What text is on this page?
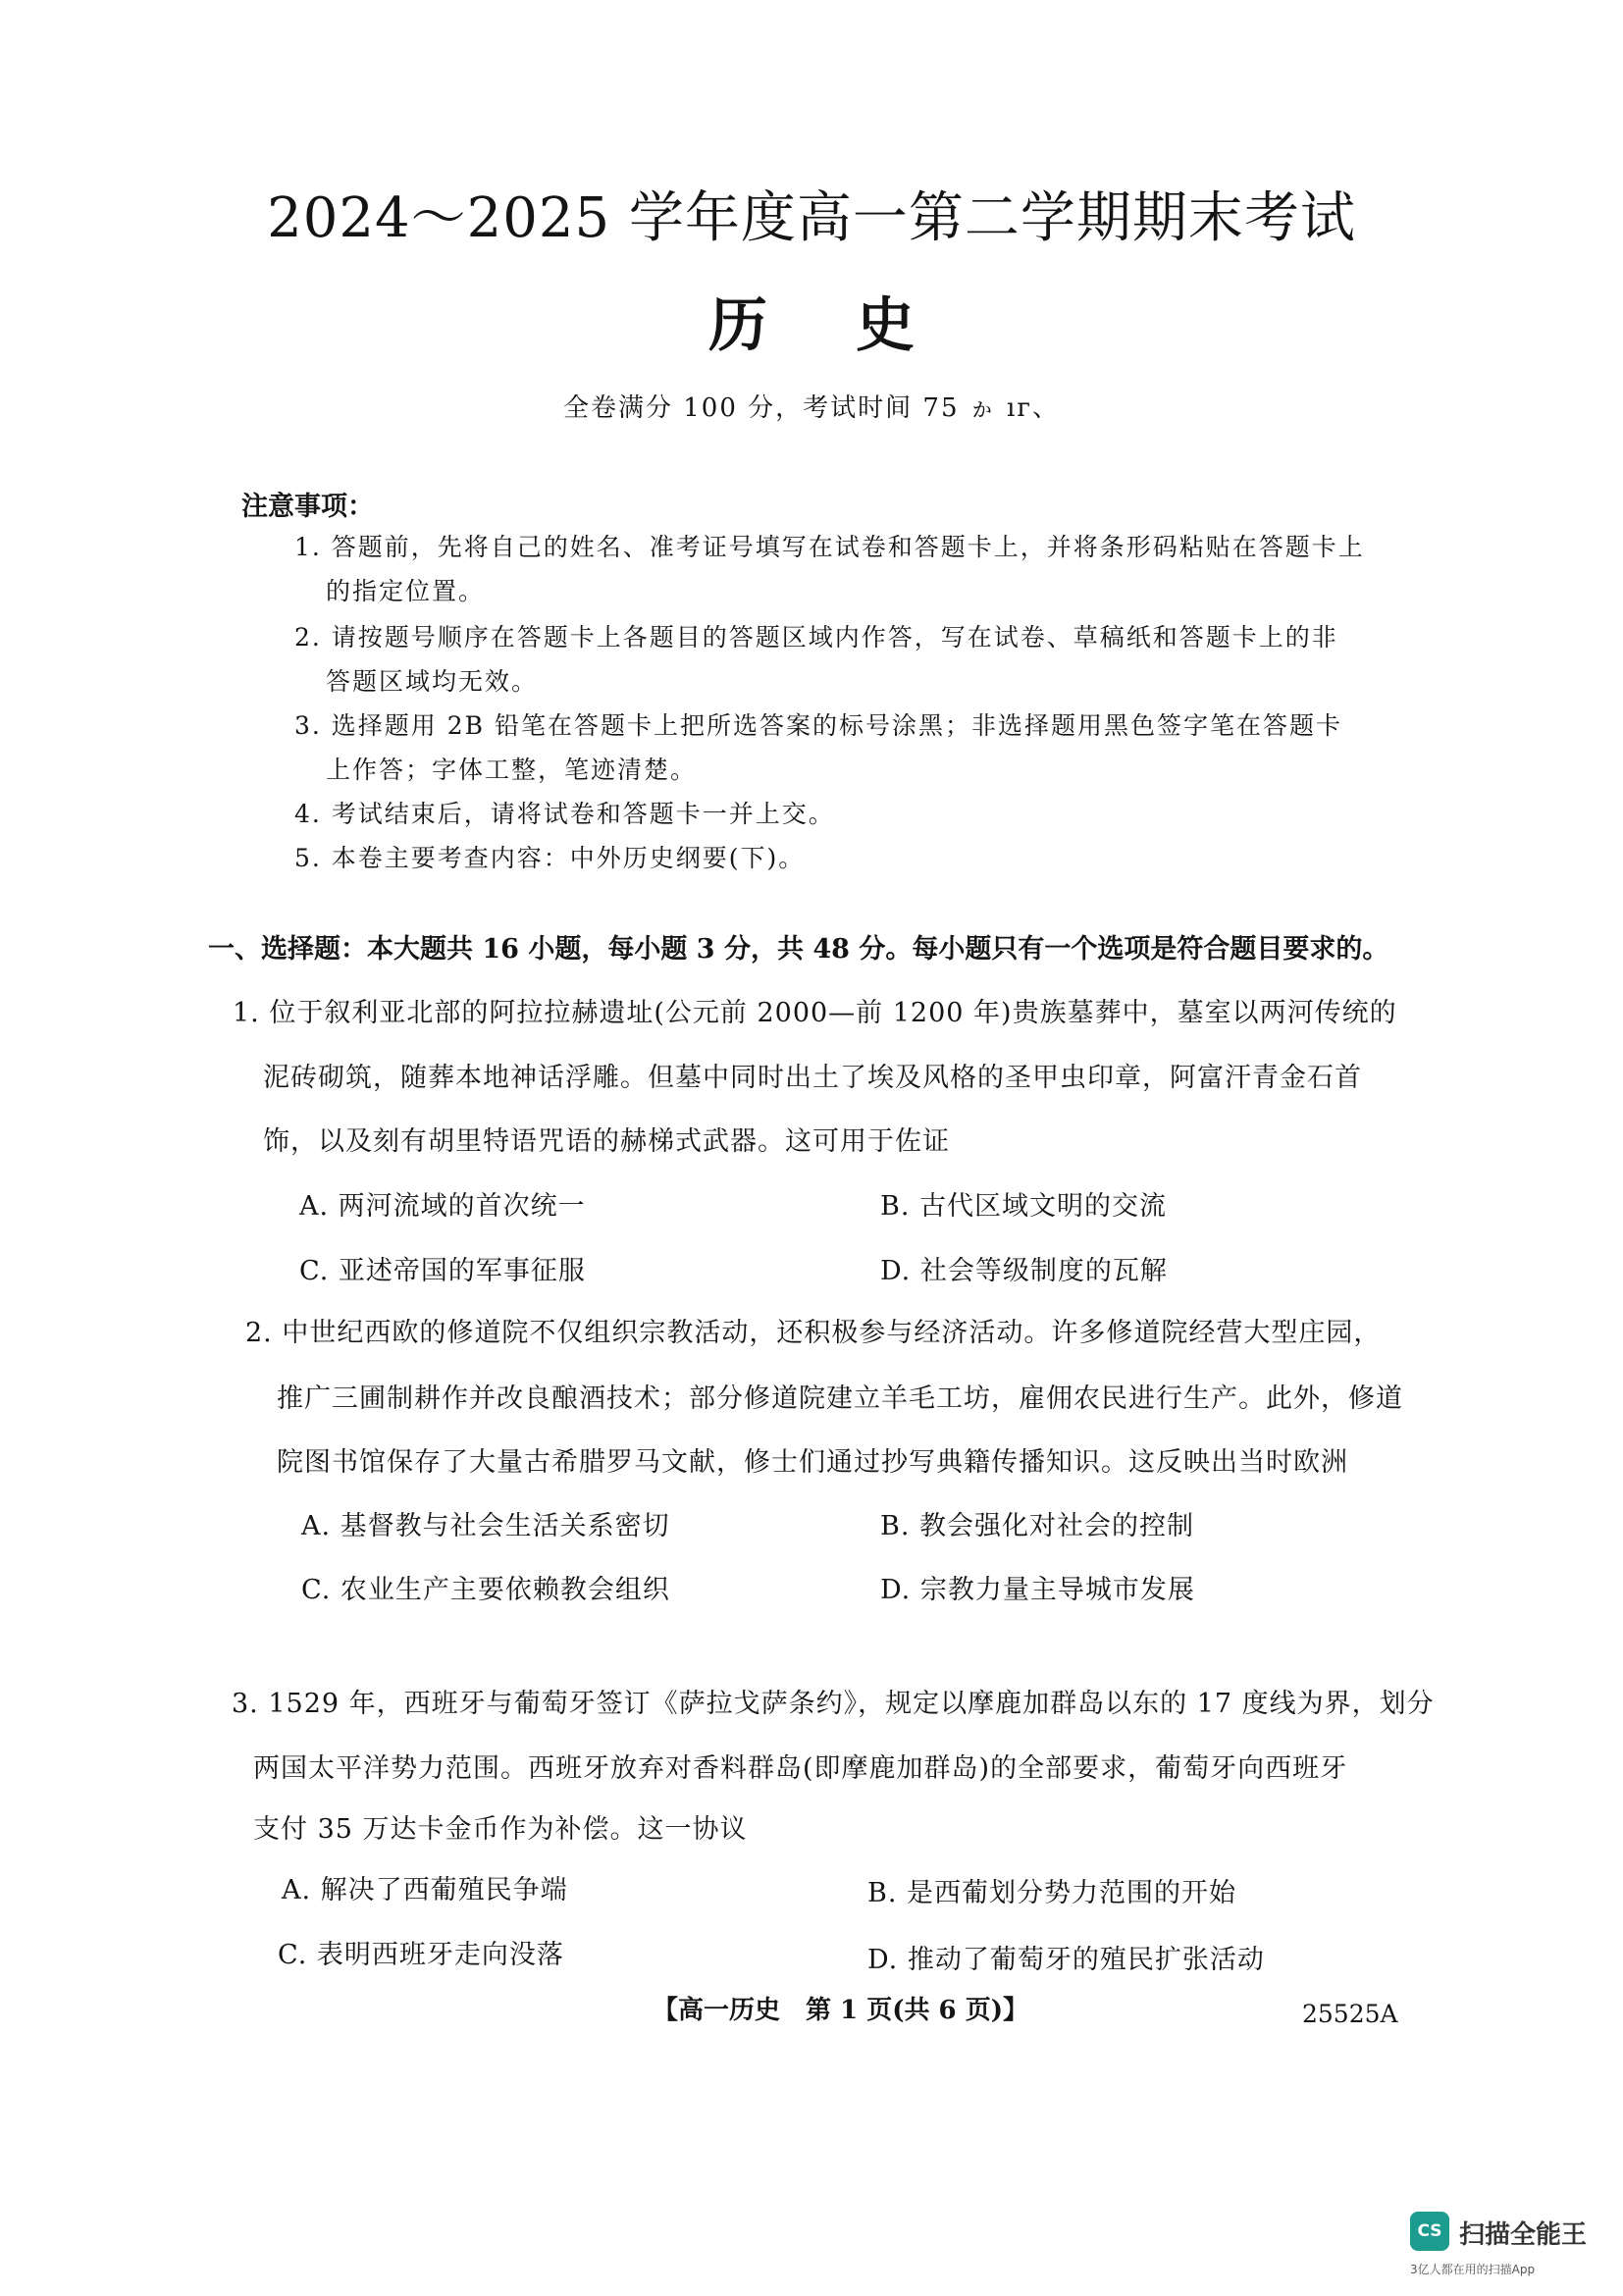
2024～2025 学年度高一第二学期期末考试
历史
全卷满分 100 分，考试时间 75 ゕ ıг、
注意事项：
1. 答题前，先将自己的姓名、准考证号填写在试卷和答题卡上，并将条形码粘贴在答题卡上
的指定位置。
2. 请按题号顺序在答题卡上各题目的答题区域内作答，写在试卷、草稿纸和答题卡上的非
答题区域均无效。
3. 选择题用 2B 铅笔在答题卡上把所选答案的标号涂黑；非选择题用黑色签字笔在答题卡
上作答；字体工整，笔迹清楚。
4. 考试结束后，请将试卷和答题卡一并上交。
5. 本卷主要考查内容：中外历史纲要(下)。
一、选择题：本大题共 16 小题，每小题 3 分，共 48 分。每小题只有一个选项是符合题目要求的。
1. 位于叙利亚北部的阿拉拉赫遗址(公元前 2000—前 1200 年)贵族墓葬中，墓室以两河传统的
泥砖砌筑，随葬本地神话浮雕。但墓中同时出土了埃及风格的圣甲虫印章，阿富汗青金石首
饰，以及刻有胡里特语咒语的赫梯式武器。这可用于佐证
A. 两河流域的首次统一	B. 古代区域文明的交流
C. 亚述帝国的军事征服	D. 社会等级制度的瓦解
2. 中世纪西欧的修道院不仅组织宗教活动，还积极参与经济活动。许多修道院经营大型庄园，
推广三圃制耕作并改良酿酒技术；部分修道院建立羊毛工坊，雇佣农民进行生产。此外，修道
院图书馆保存了大量古希腊罗马文献，修士们通过抄写典籍传播知识。这反映出当时欧洲
A. 基督教与社会生活关系密切	B. 教会强化对社会的控制
C. 农业生产主要依赖教会组织	D. 宗教力量主导城市发展
3. 1529 年，西班牙与葡萄牙签订《萨拉戈萨条约》，规定以摩鹿加群岛以东的 17 度线为界，划分
两国太平洋势力范围。西班牙放弃对香料群岛(即摩鹿加群岛)的全部要求，葡萄牙向西班牙
支付 35 万达卡金币作为补偿。这一协议
A. 解决了西葡殖民争端	B. 是西葡划分势力范围的开始
C. 表明西班牙走向没落	D. 推动了葡萄牙的殖民扩张活动
【高一历史　第 1 页(共 6 页)】	25525A
CS 扫描全能王
3亿人都在用的扫描App
